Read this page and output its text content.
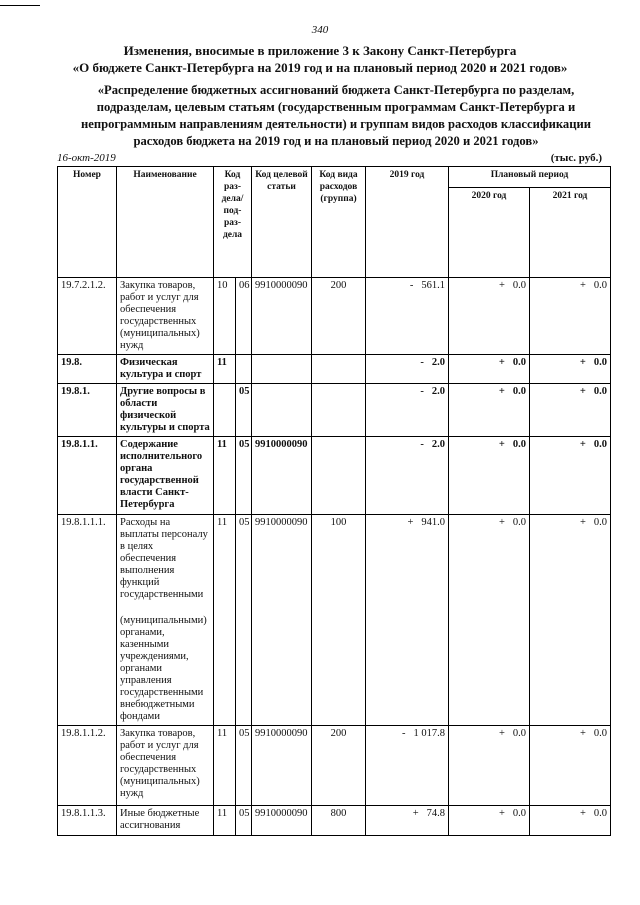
340
Изменения, вносимые в приложение 3 к Закону Санкт-Петербурга
«О бюджете Санкт-Петербурга на 2019 год и на плановый период 2020 и 2021 годов»
«Распределение бюджетных ассигнований бюджета Санкт-Петербурга по разделам, подразделам, целевым статьям (государственным программам Санкт-Петербурга и непрограммным направлениям деятельности) и группам видов расходов классификации расходов бюджета на 2019 год и на плановый период 2020 и 2021 годов»
16-окт-2019	(тыс. руб.)
Номер	Наименование	Код раз-дела/ под-раз-дела		Код целевой статьи	Код вида расходов (группа)	2019 год	Плановый период	
							2020 год	2021 год
19.7.2.1.2.	Закупка товаров, работ и услуг для обеспечения государственных (муниципальных) нужд	10	06	9910000090	200	- 561.1	+ 0.0	+ 0.0
19.8.	Физическая культура и спорт	11				- 2.0	+ 0.0	+ 0.0
19.8.1.	Другие вопросы в области физической культуры и спорта		05			- 2.0	+ 0.0	+ 0.0
19.8.1.1.	Содержание исполнительного органа государственной власти Санкт-Петербурга	11	05	9910000090		- 2.0	+ 0.0	+ 0.0
19.8.1.1.1.	Расходы на выплаты персоналу в целях обеспечения выполнения функций государственными
(муниципальными) органами, казенными учреждениями, органами управления государственными внебюджетными фондами	11	05	9910000090	100	+ 941.0	+ 0.0	+ 0.0
19.8.1.1.2.	Закупка товаров, работ и услуг для обеспечения государственных (муниципальных) нужд	11	05	9910000090	200	- 1 017.8	+ 0.0	+ 0.0
19.8.1.1.3.	Иные бюджетные ассигнования	11	05	9910000090	800	+ 74.8	+ 0.0	+ 0.0
